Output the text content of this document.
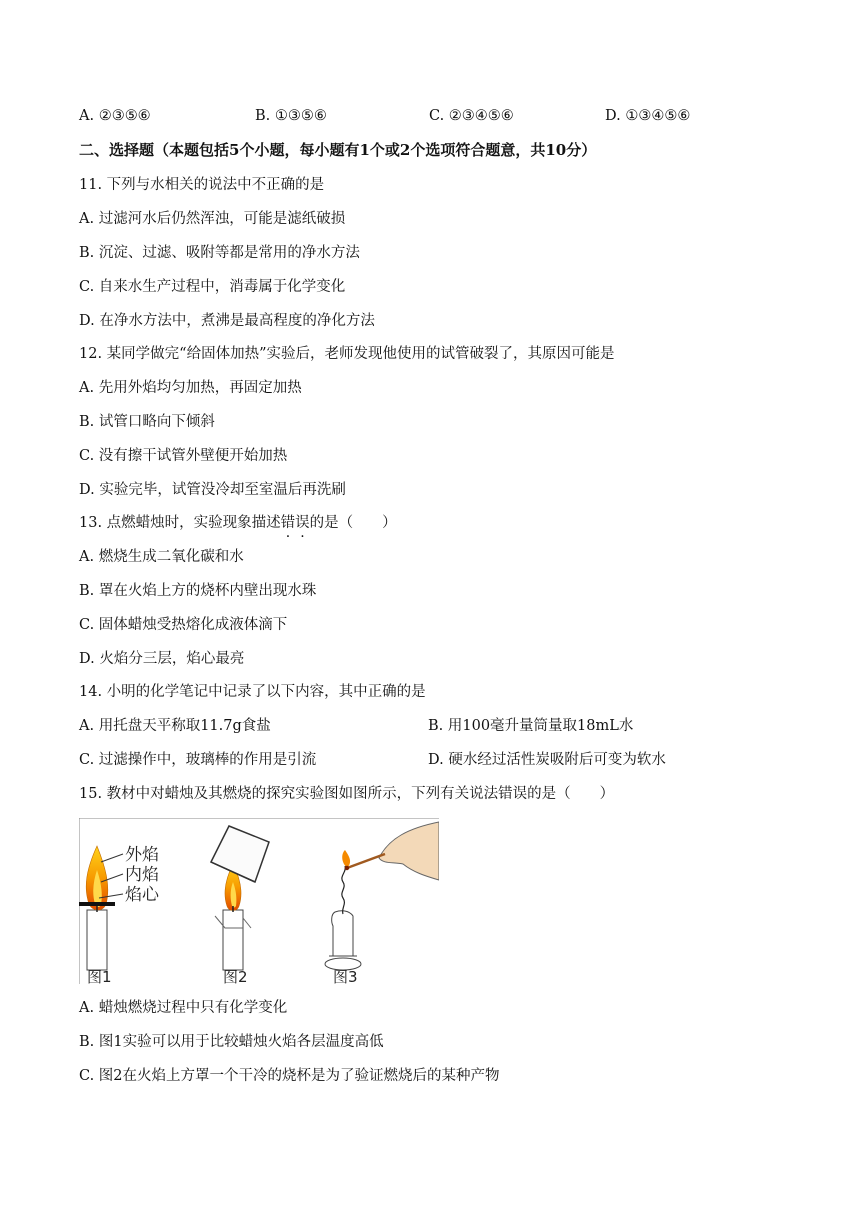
A. ②③⑤⑥	B. ①③⑤⑥	C. ②③④⑤⑥	D. ①③④⑤⑥
二、选择题（本题包括5个小题，每小题有1个或2个选项符合题意，共10分）
11. 下列与水相关的说法中不正确的是
A. 过滤河水后仍然浑浊，可能是滤纸破损
B. 沉淀、过滤、吸附等都是常用的净水方法
C. 自来水生产过程中，消毒属于化学变化
D. 在净水方法中，煮沸是最高程度的净化方法
12. 某同学做完“给固体加热”实验后，老师发现他使用的试管破裂了，其原因可能是
A. 先用外焰均匀加热，再固定加热
B. 试管口略向下倾斜
C. 没有擦干试管外壁便开始加热
D. 实验完毕，试管没冷却至室温后再洗刷
13. 点燃蜡烛时，实验现象描述错误的是（　　）
A. 燃烧生成二氧化碳和水
B. 罩在火焰上方的烧杯内壁出现水珠
C. 固体蜡烛受热熔化成液体滴下
D. 火焰分三层，焰心最亮
14. 小明的化学笔记中记录了以下内容，其中正确的是
A. 用托盘天平称取11.7g食盐	B. 用100毫升量筒量取18mL水
C. 过滤操作中，玻璃棒的作用是引流	D. 硬水经过活性炭吸附后可变为软水
15. 教材中对蜡烛及其燃烧的探究实验图如图所示，下列有关说法错误的是（　　）
外焰
内焰
焰心
图1	图2	图3
A. 蜡烛燃烧过程中只有化学变化
B. 图1实验可以用于比较蜡烛火焰各层温度高低
C. 图2在火焰上方罩一个干冷的烧杯是为了验证燃烧后的某种产物
